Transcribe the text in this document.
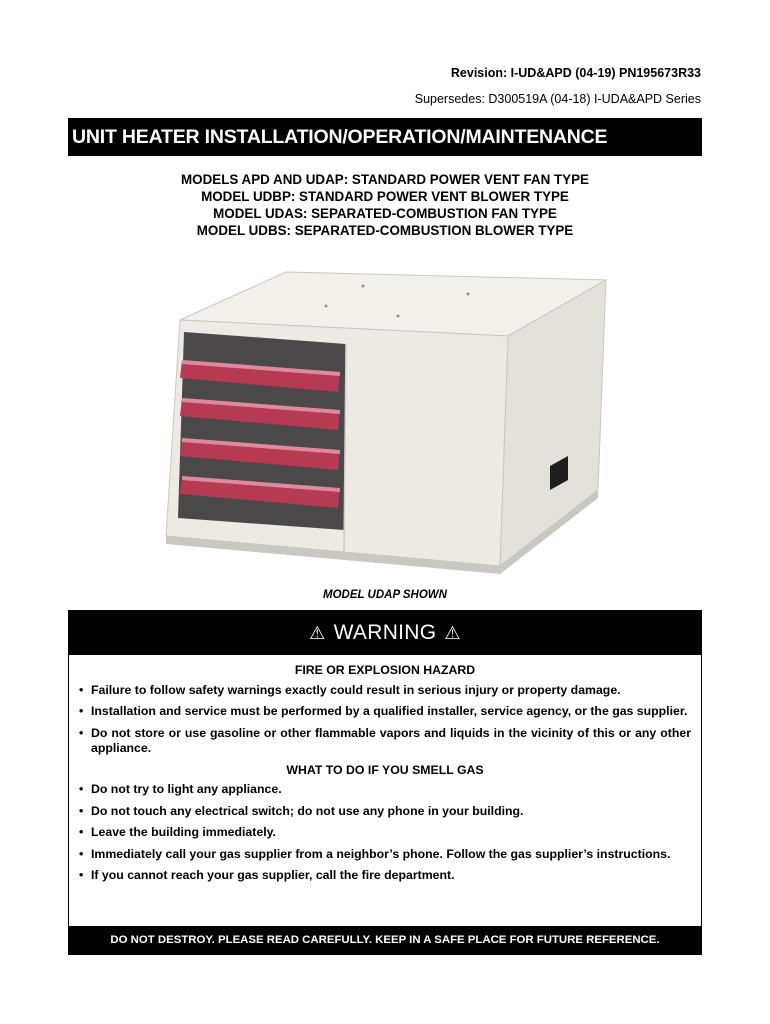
Revision: I-UD&APD (04-19) PN195673R33
Supersedes: D300519A (04-18) I-UDA&APD Series
UNIT HEATER INSTALLATION/OPERATION/MAINTENANCE
MODELS APD AND UDAP: STANDARD POWER VENT FAN TYPE
MODEL UDBP: STANDARD POWER VENT BLOWER TYPE
MODEL UDAS: SEPARATED-COMBUSTION FAN TYPE
MODEL UDBS: SEPARATED-COMBUSTION BLOWER TYPE
MODEL UDAP SHOWN
⚠ WARNING ⚠
FIRE OR EXPLOSION HAZARD
• Failure to follow safety warnings exactly could result in serious injury or property damage.
• Installation and service must be performed by a qualified installer, service agency, or the gas supplier.
• Do not store or use gasoline or other flammable vapors and liquids in the vicinity of this or any other appliance.
WHAT TO DO IF YOU SMELL GAS
• Do not try to light any appliance.
• Do not touch any electrical switch; do not use any phone in your building.
• Leave the building immediately.
• Immediately call your gas supplier from a neighbor’s phone. Follow the gas supplier’s instructions.
• If you cannot reach your gas supplier, call the fire department.
DO NOT DESTROY. PLEASE READ CAREFULLY. KEEP IN A SAFE PLACE FOR FUTURE REFERENCE.
